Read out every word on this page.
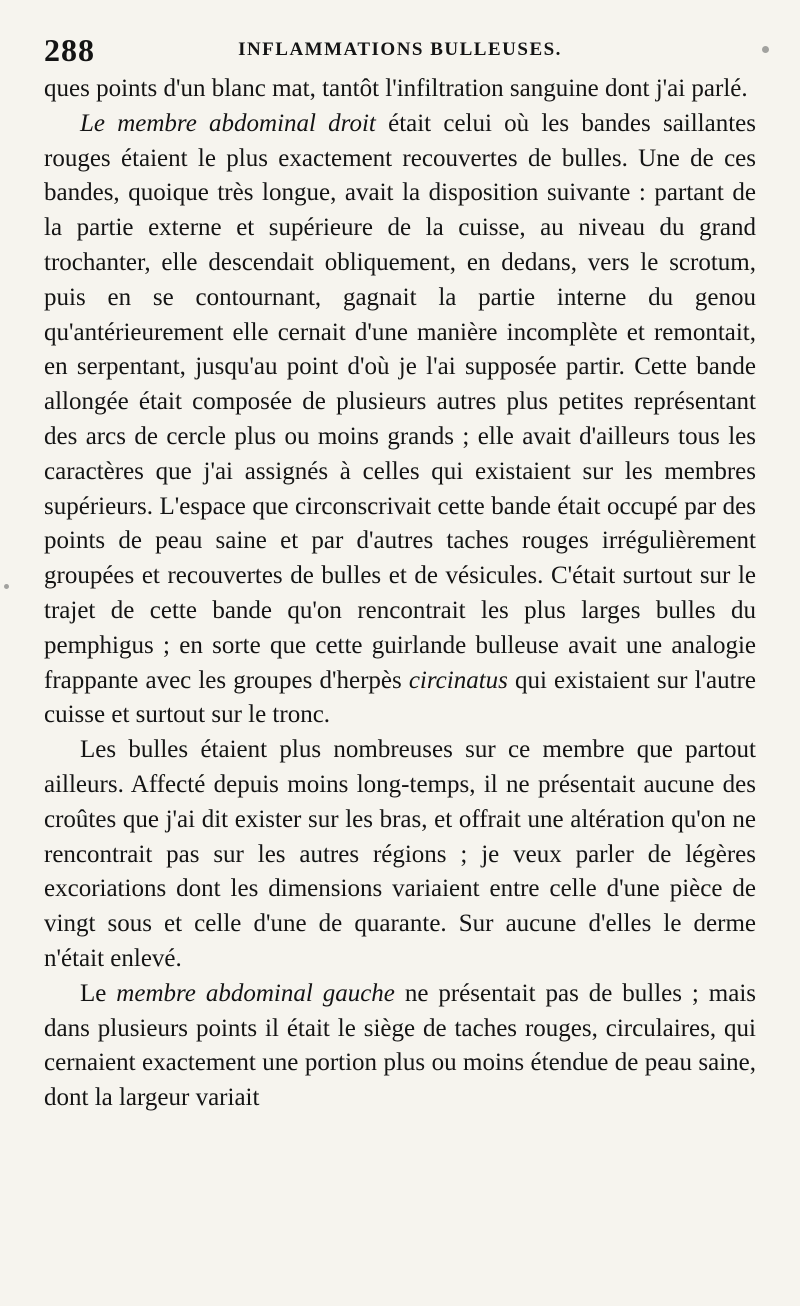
288	INFLAMMATIONS BULLEUSES.

ques points d'un blanc mat, tantôt l'infiltration sanguine dont j'ai parlé.

Le membre abdominal droit était celui où les bandes saillantes rouges étaient le plus exactement recouvertes de bulles. Une de ces bandes, quoique très longue, avait la disposition suivante : partant de la partie externe et supérieure de la cuisse, au niveau du grand trochanter, elle descendait obliquement, en dedans, vers le scrotum, puis en se contournant, gagnait la partie interne du genou qu'antérieurement elle cernait d'une manière incomplète et remontait, en serpentant, jusqu'au point d'où je l'ai supposée partir. Cette bande allongée était composée de plusieurs autres plus petites représentant des arcs de cercle plus ou moins grands ; elle avait d'ailleurs tous les caractères que j'ai assignés à celles qui existaient sur les membres supérieurs. L'espace que circonscrivait cette bande était occupé par des points de peau saine et par d'autres taches rouges irrégulièrement groupées et recouvertes de bulles et de vésicules. C'était surtout sur le trajet de cette bande qu'on rencontrait les plus larges bulles du pemphigus ; en sorte que cette guirlande bulleuse avait une analogie frappante avec les groupes d'herpès circinatus qui existaient sur l'autre cuisse et surtout sur le tronc.

Les bulles étaient plus nombreuses sur ce membre que partout ailleurs. Affecté depuis moins long-temps, il ne présentait aucune des croûtes que j'ai dit exister sur les bras, et offrait une altération qu'on ne rencontrait pas sur les autres régions ; je veux parler de légères excoriations dont les dimensions variaient entre celle d'une pièce de vingt sous et celle d'une de quarante. Sur aucune d'elles le derme n'était enlevé.

Le membre abdominal gauche ne présentait pas de bulles ; mais dans plusieurs points il était le siège de taches rouges, circulaires, qui cernaient exactement une portion plus ou moins étendue de peau saine, dont la largeur variait
